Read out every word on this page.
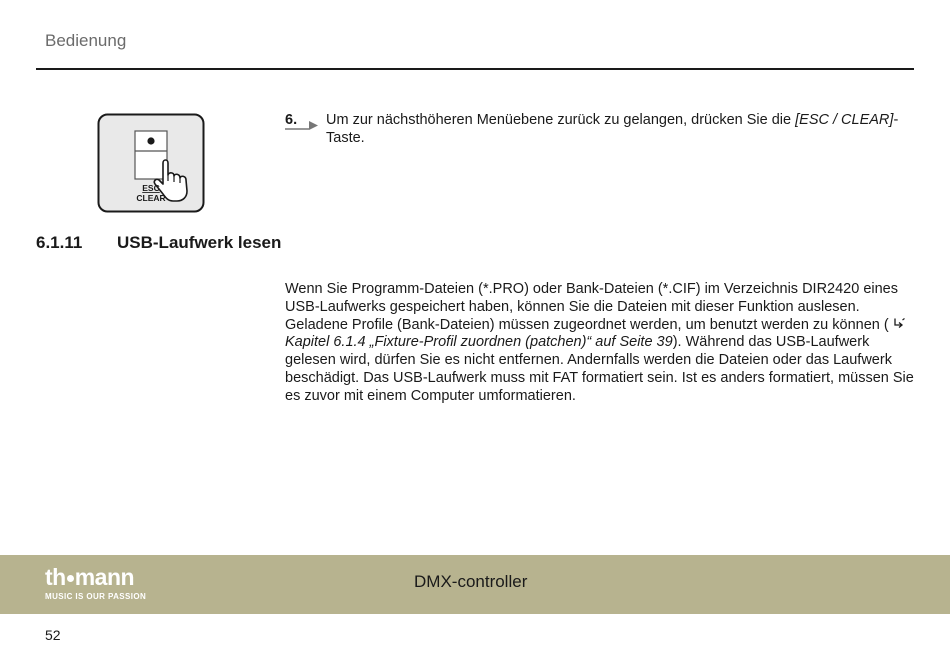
Bedienung
ESC
CLEAR
6. Um zur nächsthöheren Menüebene zurück zu gelangen, drücken Sie die [ESC / CLEAR]-Taste.
6.1.11 USB-Laufwerk lesen

Wenn Sie Programm-Dateien (*.PRO) oder Bank-Dateien (*.CIF) im Verzeichnis DIR2420 eines USB-Laufwerks gespeichert haben, können Sie die Dateien mit dieser Funktion auslesen. Geladene Profile (Bank-Dateien) müssen zugeordnet werden, um benutzt werden zu können ( Kapitel 6.1.4 „Fixture-Profil zuordnen (patchen)“ auf Seite 39). Während das USB-Laufwerk gelesen wird, dürfen Sie es nicht entfernen. Andernfalls werden die Dateien oder das Laufwerk beschädigt. Das USB-Laufwerk muss mit FAT formatiert sein. Ist es anders formatiert, müssen Sie es zuvor mit einem Computer umformatieren.

th mann
MUSIC IS OUR PASSION
DMX-controller
52
